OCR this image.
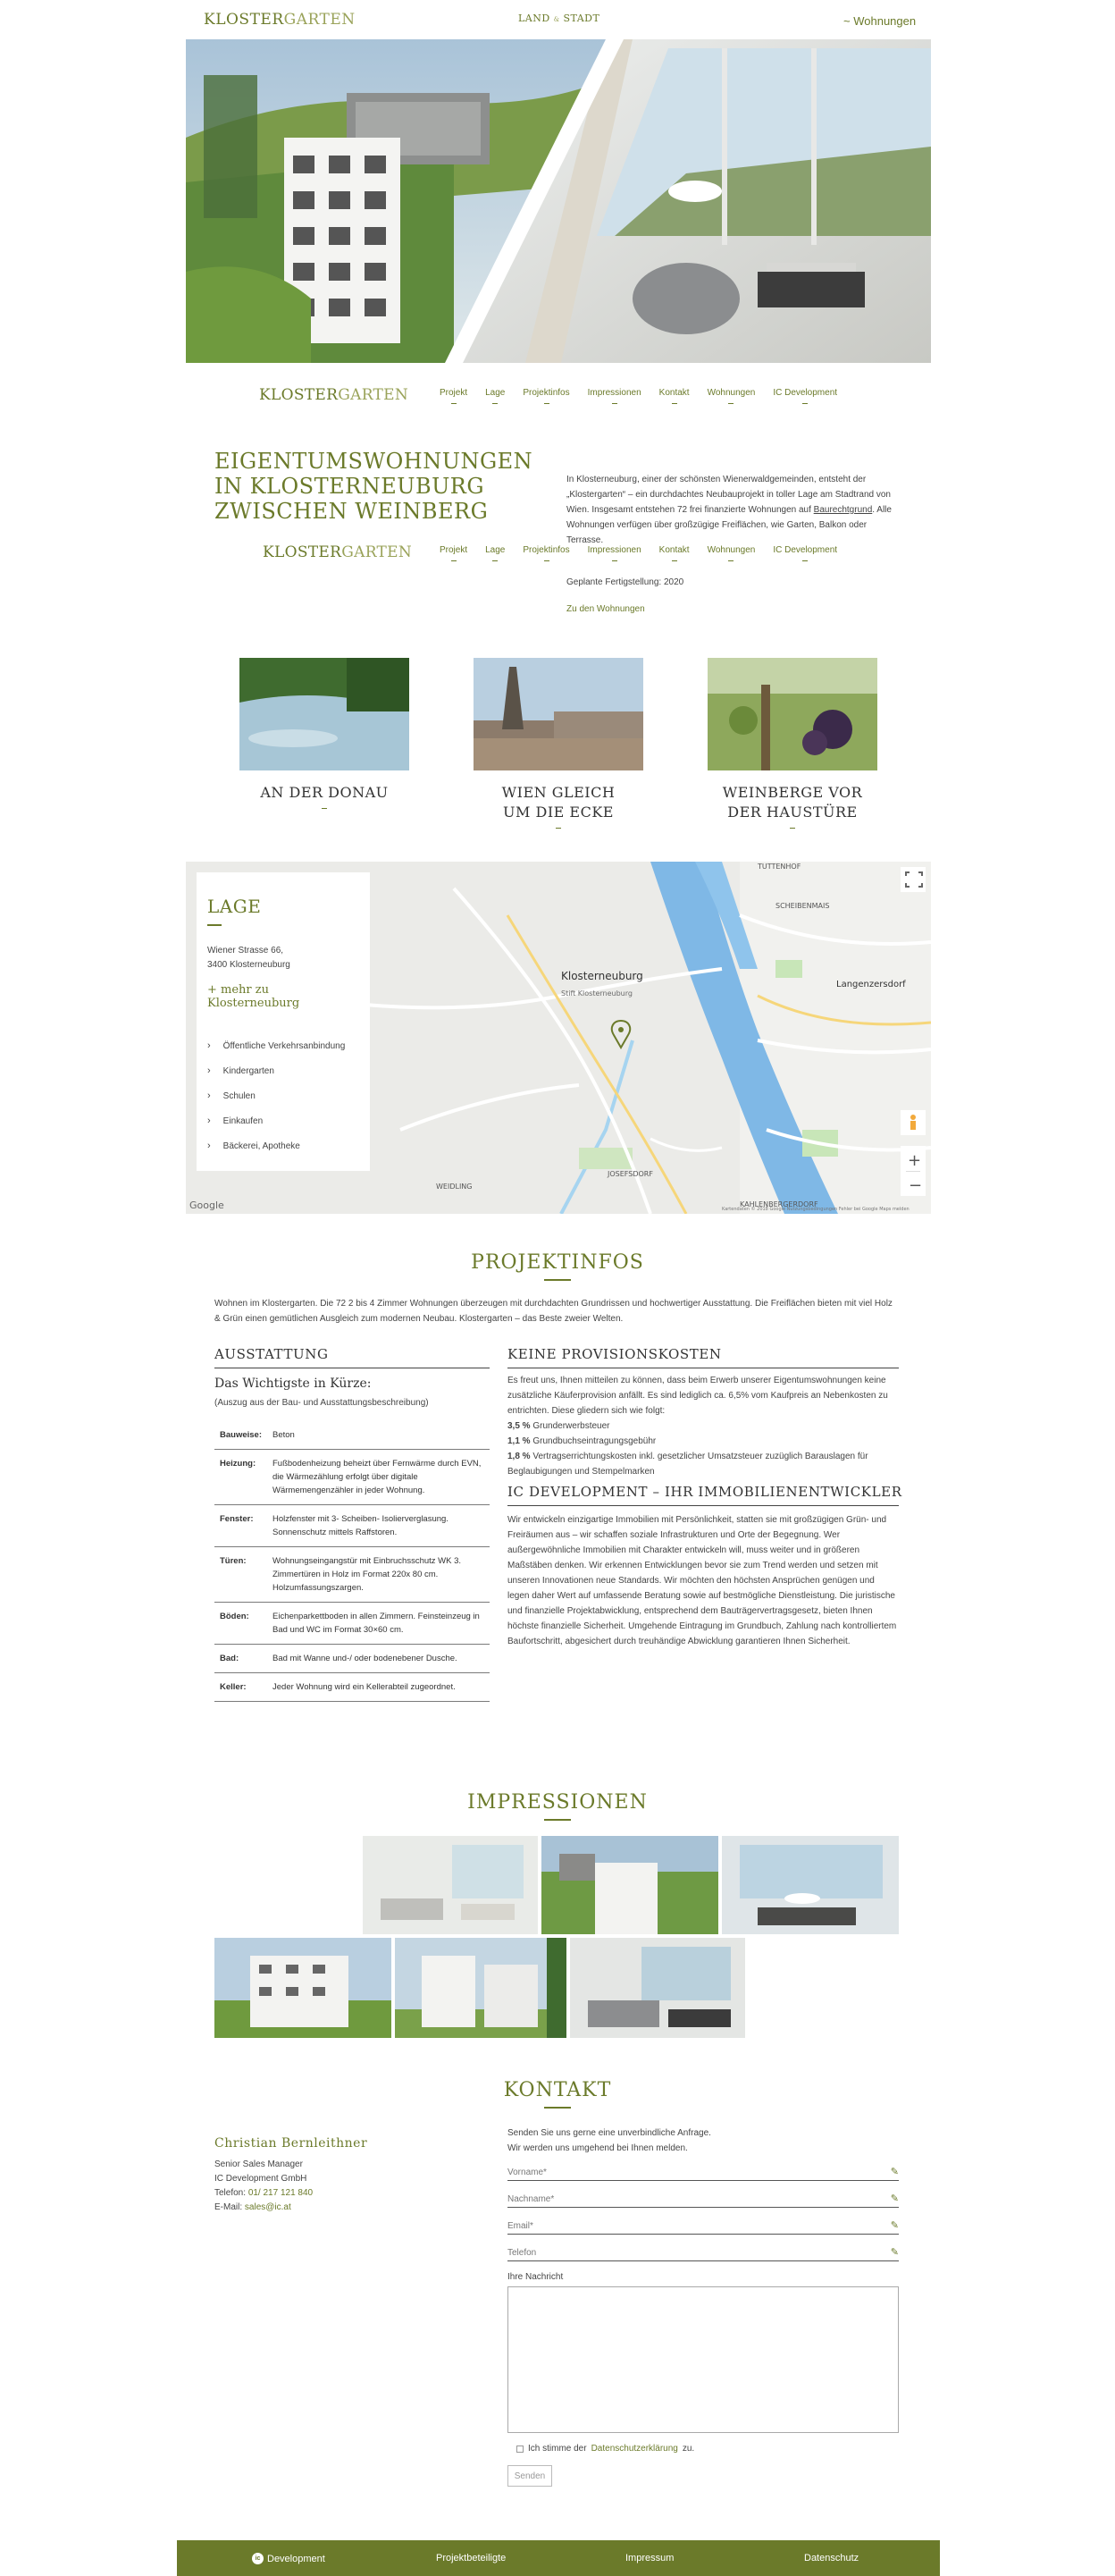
KLOSTERGARTEN	LAND & STADT	~ Wohnungen
KLOSTERGARTEN	Projekt	Lage	Projektinfos	Impressionen	Kontakt	Wohnungen	IC Development
EIGENTUMSWOHNUNGEN
IN KLOSTERNEUBURG
ZWISCHEN WEINBERG
In Klosterneuburg, einer der schönsten Wienerwaldgemeinden, entsteht der „Klostergarten“ – ein durchdachtes Neubauprojekt in toller Lage am Stadtrand von Wien. Insgesamt entstehen 72 frei finanzierte Wohnungen auf Baurechtgrund. Alle Wohnungen verfügen über großzügige Freiflächen, wie Garten, Balkon oder Terrasse.
KLOSTERGARTEN	Projekt	Lage	Projektinfos	Impressionen	Kontakt	Wohnungen	IC Development
Geplante Fertigstellung: 2020
Zu den Wohnungen
AN DER DONAU	WIEN GLEICH
UM DIE ECKE
WEINBERGE VOR
DER HAUSTÜRE
TUTTENHOF
SCHEIBENMAIS
Klosterneuburg
Stift Klosterneuburg
Langenzersdorf
WEIDLING
JOSEFSDORF
KAHLENBERGERDORF
Google	Kartendaten © 2018 Google Nutzungsbedingungen Fehler bei Google Maps melden
+
−
LAGE
Wiener Strasse 66,
3400 Klosterneuburg
+ mehr zu Klosterneuburg
› Öffentliche Verkehrsanbindung
› Kindergarten
› Schulen
› Einkaufen
› Bäckerei, Apotheke
PROJEKTINFOS
Wohnen im Klostergarten. Die 72 2 bis 4 Zimmer Wohnungen überzeugen mit durchdachten Grundrissen und hochwertiger Ausstattung. Die Freiflächen bieten mit viel Holz & Grün einen gemütlichen Ausgleich zum modernen Neubau. Klostergarten – das Beste zweier Welten.
AUSSTATTUNG
Das Wichtigste in Kürze:
(Auszug aus der Bau- und Ausstattungsbeschreibung)
Bauweise:	Beton
Heizung:	Fußbodenheizung beheizt über Fernwärme durch EVN, die Wärmezählung erfolgt über digitale Wärmemengenzähler in jeder Wohnung.
Fenster:	Holzfenster mit 3- Scheiben- Isolierverglasung. Sonnenschutz mittels Raffstoren.
Türen:	Wohnungseingangstür mit Einbruchsschutz WK 3. Zimmertüren in Holz im Format 220x 80 cm. Holzumfassungszargen.
Böden:	Eichenparkettboden in allen Zimmern. Feinsteinzeug in Bad und WC im Format 30×60 cm.
Bad:	Bad mit Wanne und-/ oder bodenebener Dusche.
Keller:	Jeder Wohnung wird ein Kellerabteil zugeordnet.
KEINE PROVISIONSKOSTEN
Es freut uns, Ihnen mitteilen zu können, dass beim Erwerb unserer Eigentumswohnungen keine zusätzliche Käuferprovision anfällt. Es sind lediglich ca. 6,5% vom Kaufpreis an Nebenkosten zu entrichten. Diese gliedern sich wie folgt:
3,5 % Grunderwerbsteuer
1,1 % Grundbuchseintragungsgebühr
1,8 % Vertragserrichtungskosten inkl. gesetzlicher Umsatzsteuer zuzüglich Barauslagen für Beglaubigungen und Stempelmarken
IC DEVELOPMENT – IHR IMMOBILIENENTWICKLER
Wir entwickeln einzigartige Immobilien mit Persönlichkeit, statten sie mit großzügigen Grün- und Freiräumen aus – wir schaffen soziale Infrastrukturen und Orte der Begegnung. Wer außergewöhnliche Immobilien mit Charakter entwickeln will, muss weiter und in größeren Maßstäben denken. Wir erkennen Entwicklungen bevor sie zum Trend werden und setzen mit unseren Innovationen neue Standards. Wir möchten den höchsten Ansprüchen genügen und legen daher Wert auf umfassende Beratung sowie auf bestmögliche Dienstleistung. Die juristische und finanzielle Projektabwicklung, entsprechend dem Bauträgervertragsgesetz, bieten Ihnen höchste finanzielle Sicherheit. Umgehende Eintragung im Grundbuch, Zahlung nach kontrolliertem Baufortschritt, abgesichert durch treuhändige Abwicklung garantieren Ihnen Sicherheit.
IMPRESSIONEN
KONTAKT
Christian Bernleithner
Senior Sales Manager
IC Development GmbH
Telefon: 01/ 217 121 840
E-Mail: sales@ic.at
Senden Sie uns gerne eine unverbindliche Anfrage.
Wir werden uns umgehend bei Ihnen melden.
Vorname*	✎
Nachname*	✎
Email*	✎
Telefon	✎
Ihre Nachricht
Ich stimme der Datenschutzerklärung zu.
Senden
ic Development	Projektbeteiligte	Impressum	Datenschutz
